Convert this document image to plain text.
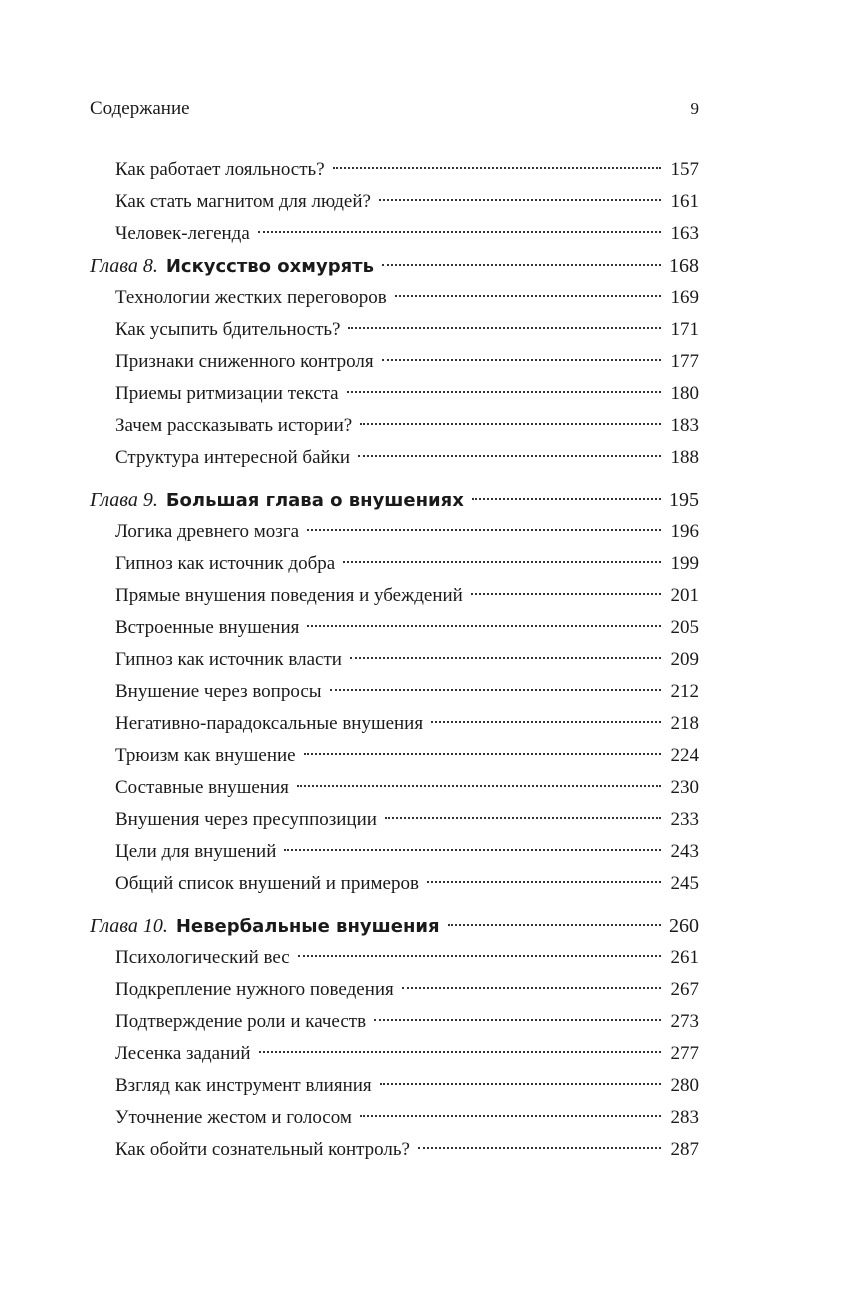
Содержание	9
Как работает лояльность?	157
Как стать магнитом для людей?	161
Человек-легенда	163
Глава 8. Искусство охмурять	168
Технологии жестких переговоров	169
Как усыпить бдительность?	171
Признаки сниженного контроля	177
Приемы ритмизации текста	180
Зачем рассказывать истории?	183
Структура интересной байки	188
Глава 9. Большая глава о внушениях	195
Логика древнего мозга	196
Гипноз как источник добра	199
Прямые внушения поведения и убеждений	201
Встроенные внушения	205
Гипноз как источник власти	209
Внушение через вопросы	212
Негативно-парадоксальные внушения	218
Трюизм как внушение	224
Составные внушения	230
Внушения через пресуппозиции	233
Цели для внушений	243
Общий список внушений и примеров	245
Глава 10. Невербальные внушения	260
Психологический вес	261
Подкрепление нужного поведения	267
Подтверждение роли и качеств	273
Лесенка заданий	277
Взгляд как инструмент влияния	280
Уточнение жестом и голосом	283
Как обойти сознательный контроль?	287
